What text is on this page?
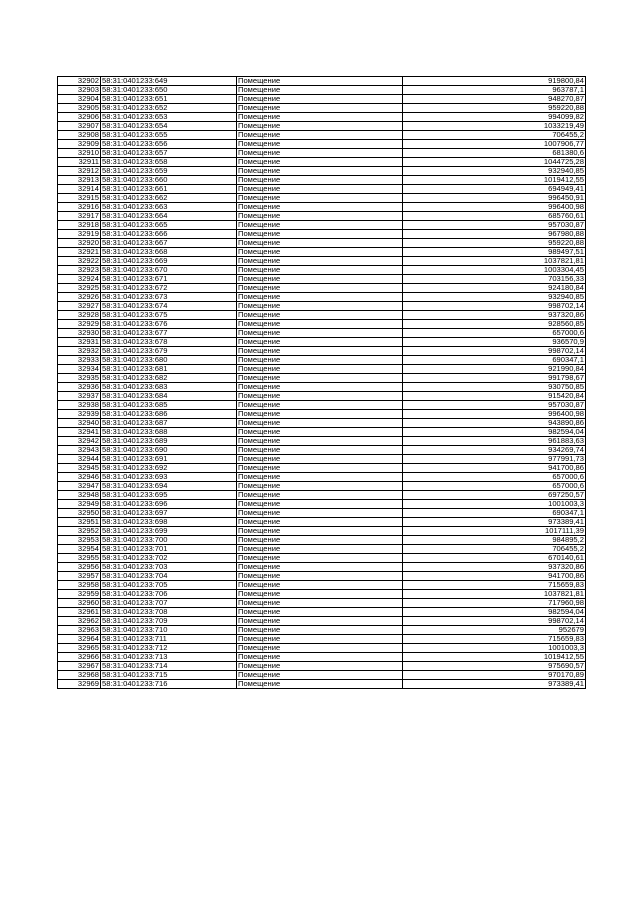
32902	58:31:0401233:649	Помещение	919800,84
32903	58:31:0401233:650	Помещение	963787,1
32904	58:31:0401233:651	Помещение	948270,87
32905	58:31:0401233:652	Помещение	959220,88
32906	58:31:0401233:653	Помещение	994099,82
32907	58:31:0401233:654	Помещение	1033219,49
32908	58:31:0401233:655	Помещение	706455,2
32909	58:31:0401233:656	Помещение	1007906,77
32910	58:31:0401233:657	Помещение	681380,6
32911	58:31:0401233:658	Помещение	1044725,28
32912	58:31:0401233:659	Помещение	932940,85
32913	58:31:0401233:660	Помещение	1019412,55
32914	58:31:0401233:661	Помещение	694949,41
32915	58:31:0401233:662	Помещение	996450,91
32916	58:31:0401233:663	Помещение	996400,98
32917	58:31:0401233:664	Помещение	685760,61
32918	58:31:0401233:665	Помещение	957030,87
32919	58:31:0401233:666	Помещение	967980,88
32920	58:31:0401233:667	Помещение	959220,88
32921	58:31:0401233:668	Помещение	989497,51
32922	58:31:0401233:669	Помещение	1037821,81
32923	58:31:0401233:670	Помещение	1003304,45
32924	58:31:0401233:671	Помещение	703156,33
32925	58:31:0401233:672	Помещение	924180,84
32926	58:31:0401233:673	Помещение	932940,85
32927	58:31:0401233:674	Помещение	998702,14
32928	58:31:0401233:675	Помещение	937320,86
32929	58:31:0401233:676	Помещение	928560,85
32930	58:31:0401233:677	Помещение	657000,6
32931	58:31:0401233:678	Помещение	936570,9
32932	58:31:0401233:679	Помещение	998702,14
32933	58:31:0401233:680	Помещение	690347,1
32934	58:31:0401233:681	Помещение	921990,84
32935	58:31:0401233:682	Помещение	991798,67
32936	58:31:0401233:683	Помещение	930750,85
32937	58:31:0401233:684	Помещение	915420,84
32938	58:31:0401233:685	Помещение	957030,87
32939	58:31:0401233:686	Помещение	996400,98
32940	58:31:0401233:687	Помещение	943890,86
32941	58:31:0401233:688	Помещение	982594,04
32942	58:31:0401233:689	Помещение	961883,63
32943	58:31:0401233:690	Помещение	934269,74
32944	58:31:0401233:691	Помещение	977991,73
32945	58:31:0401233:692	Помещение	941700,86
32946	58:31:0401233:693	Помещение	657000,6
32947	58:31:0401233:694	Помещение	657000,6
32948	58:31:0401233:695	Помещение	697250,57
32949	58:31:0401233:696	Помещение	1001003,3
32950	58:31:0401233:697	Помещение	690347,1
32951	58:31:0401233:698	Помещение	973389,41
32952	58:31:0401233:699	Помещение	1017111,39
32953	58:31:0401233:700	Помещение	984895,2
32954	58:31:0401233:701	Помещение	706455,2
32955	58:31:0401233:702	Помещение	670140,61
32956	58:31:0401233:703	Помещение	937320,86
32957	58:31:0401233:704	Помещение	941700,86
32958	58:31:0401233:705	Помещение	715659,83
32959	58:31:0401233:706	Помещение	1037821,81
32960	58:31:0401233:707	Помещение	717960,98
32961	58:31:0401233:708	Помещение	982594,04
32962	58:31:0401233:709	Помещение	998702,14
32963	58:31:0401233:710	Помещение	952679
32964	58:31:0401233:711	Помещение	715659,83
32965	58:31:0401233:712	Помещение	1001003,3
32966	58:31:0401233:713	Помещение	1019412,55
32967	58:31:0401233:714	Помещение	975690,57
32968	58:31:0401233:715	Помещение	970170,89
32969	58:31:0401233:716	Помещение	973389,41
